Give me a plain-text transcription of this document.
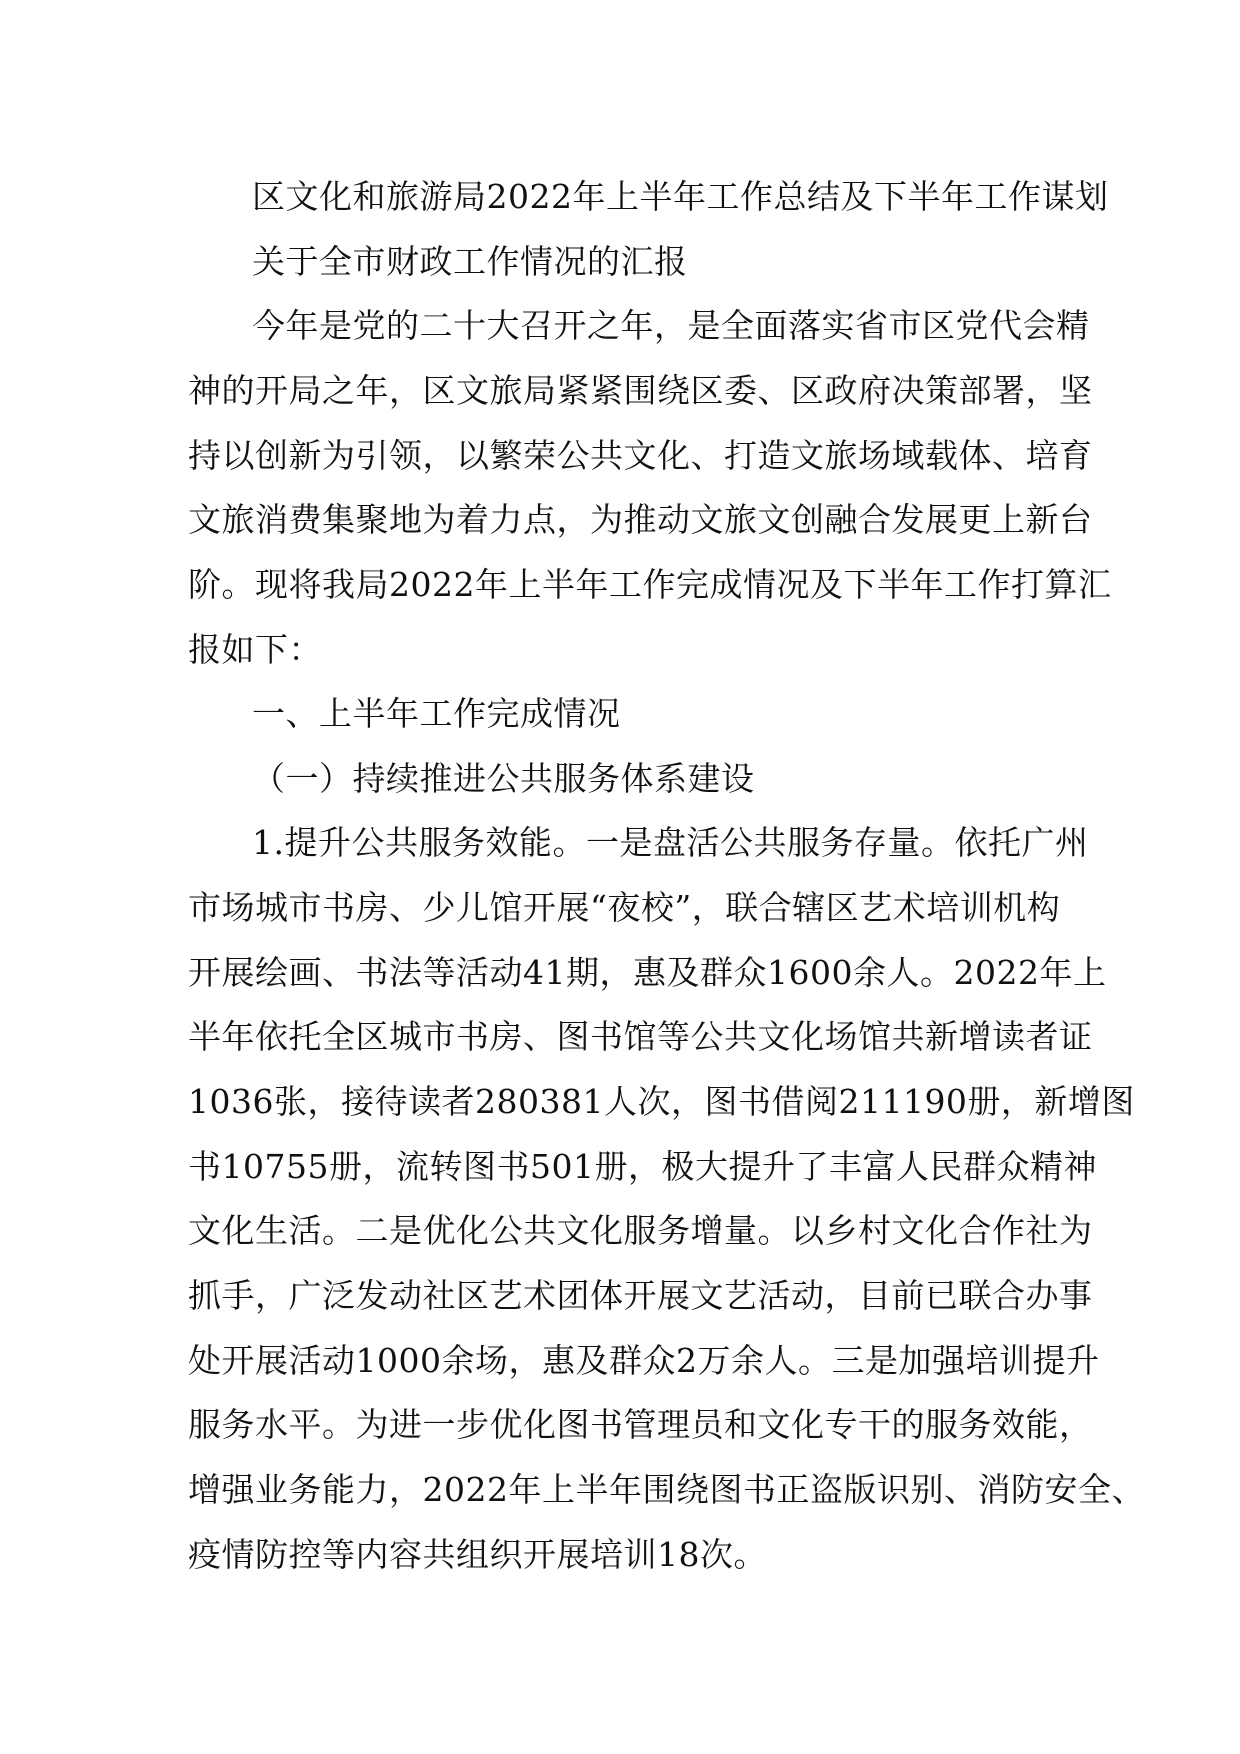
区文化和旅游局2022年上半年工作总结及下半年工作谋划
关于全市财政工作情况的汇报
今年是党的二十大召开之年，是全面落实省市区党代会精
神的开局之年，区文旅局紧紧围绕区委、区政府决策部署，坚
持以创新为引领，以繁荣公共文化、打造文旅场域载体、培育
文旅消费集聚地为着力点，为推动文旅文创融合发展更上新台
阶。现将我局2022年上半年工作完成情况及下半年工作打算汇
报如下：
一、上半年工作完成情况
（一）持续推进公共服务体系建设
1.提升公共服务效能。一是盘活公共服务存量。依托广州
市场城市书房、少儿馆开展“夜校”，联合辖区艺术培训机构
开展绘画、书法等活动41期，惠及群众1600余人。2022年上
半年依托全区城市书房、图书馆等公共文化场馆共新增读者证
1036张，接待读者280381人次，图书借阅211190册，新增图
书10755册，流转图书501册，极大提升了丰富人民群众精神
文化生活。二是优化公共文化服务增量。以乡村文化合作社为
抓手，广泛发动社区艺术团体开展文艺活动，目前已联合办事
处开展活动1000余场，惠及群众2万余人。三是加强培训提升
服务水平。为进一步优化图书管理员和文化专干的服务效能，
增强业务能力，2022年上半年围绕图书正盗版识别、消防安全、
疫情防控等内容共组织开展培训18次。
